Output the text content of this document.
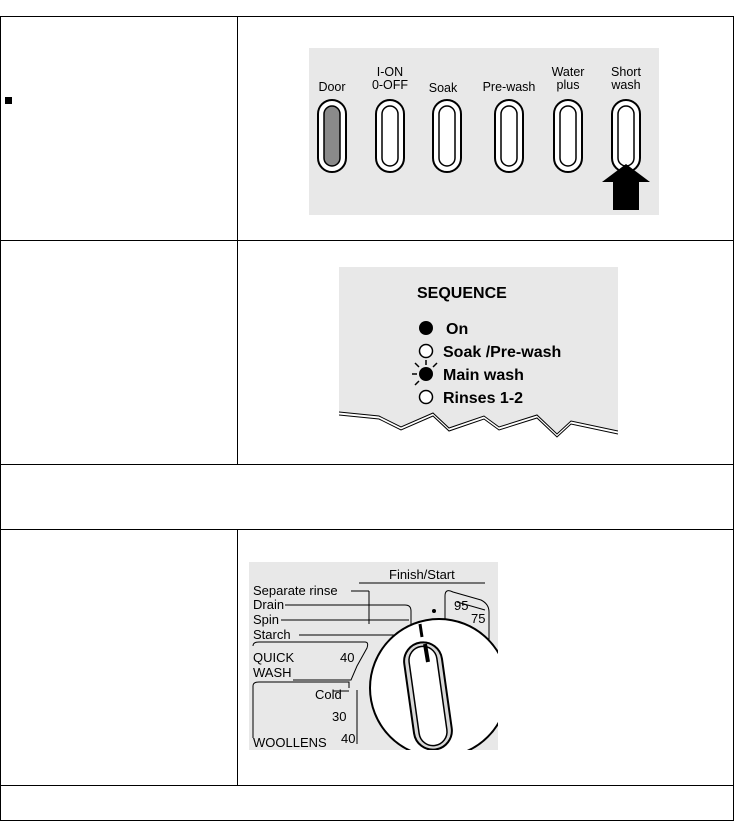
Door
I-ON
0-OFF Soak Pre-wash
Water
plus
Short
wash
SEQUENCE
On
Soak /Pre-wash
Main wash
Rinses 1-2
Finish/Start
Separate rinse
Drain
Spin
Starch
QUICK
WASH
40
Cold
30
WOOLLENS 40
95
75
